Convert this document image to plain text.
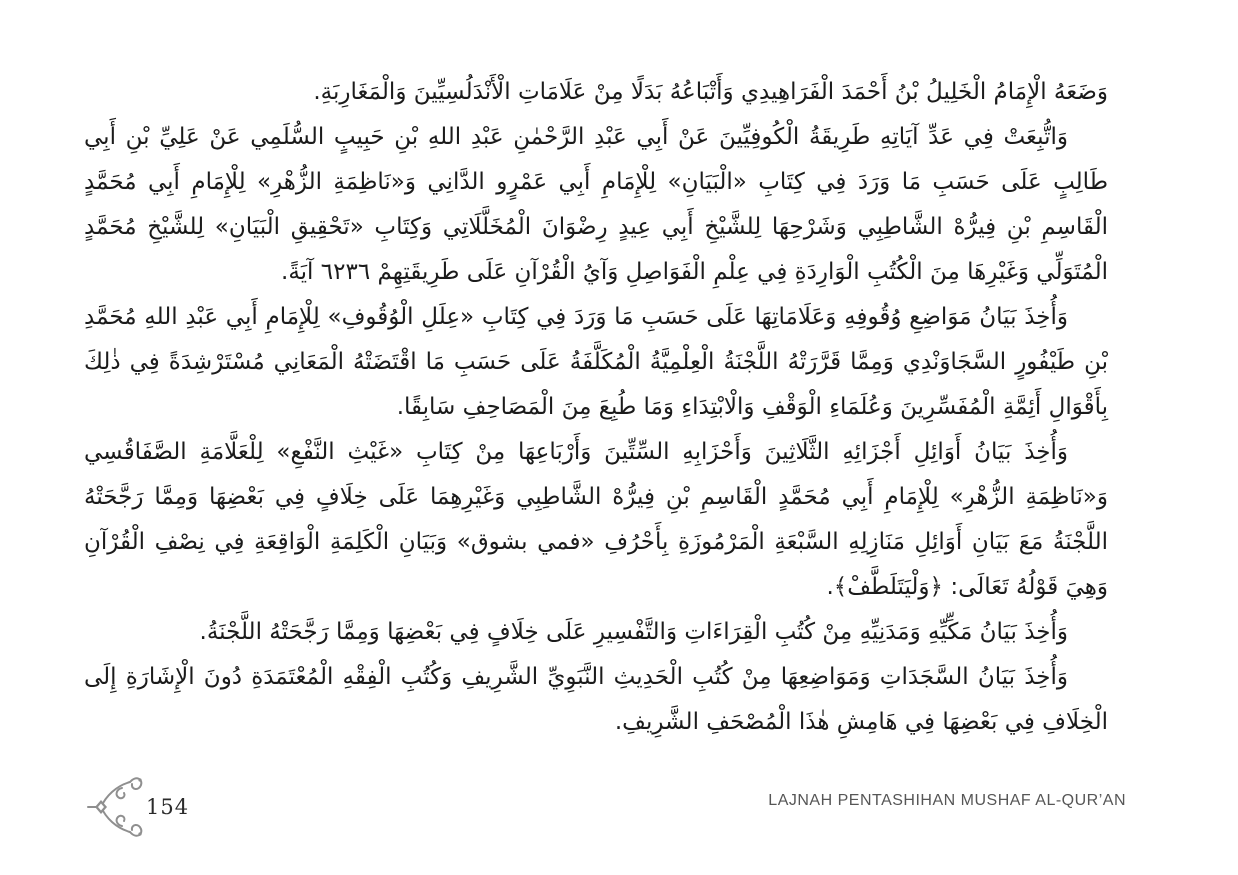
وَضَعَهُ الْإِمَامُ الْخَلِيلُ بْنُ أَحْمَدَ الْفَرَاهِيدِي وَأَتْبَاعُهُ بَدَلًا مِنْ عَلَامَاتِ الْأَنْدَلُسِيِّينَ وَالْمَغَارِبَةِ.

وَاتُّبِعَتْ فِي عَدِّ آيَاتِهِ طَرِيقَةُ الْكُوفِيِّينَ عَنْ أَبِي عَبْدِ الرَّحْمٰنِ عَبْدِ اللهِ بْنِ حَبِيبٍ السُّلَمِي عَنْ عَلِيِّ بْنِ أَبِي طَالِبٍ عَلَى حَسَبِ مَا وَرَدَ فِي كِتَابِ «الْبَيَانِ» لِلْإِمَامِ أَبِي عَمْرٍو الدَّانِي وَ«نَاظِمَةِ الزُّهْرِ» لِلْإِمَامِ أَبِي مُحَمَّدٍ الْقَاسِمِ بْنِ فِيرُّهْ الشَّاطِبِي وَشَرْحِهَا لِلشَّيْخِ أَبِي عِيدٍ رِضْوَانَ الْمُخَلَّلَاتِي وَكِتَابِ «تَحْقِيقِ الْبَيَانِ» لِلشَّيْخِ مُحَمَّدٍ الْمُتَوَلِّي وَغَيْرِهَا مِنَ الْكُتُبِ الْوَارِدَةِ فِي عِلْمِ الْفَوَاصِلِ وَآيُ الْقُرْآنِ عَلَى طَرِيقَتِهِمْ ٦٢٣٦ آيَةً.

وَأُخِذَ بَيَانُ مَوَاضِعِ وُقُوفِهِ وَعَلَامَاتِهَا عَلَى حَسَبِ مَا وَرَدَ فِي كِتَابِ «عِلَلِ الْوُقُوفِ» لِلْإِمَامِ أَبِي عَبْدِ اللهِ مُحَمَّدِ بْنِ طَيْفُورٍ السَّجَاوَنْدِي وَمِمَّا قَرَّرَتْهُ اللَّجْنَةُ الْعِلْمِيَّةُ الْمُكَلَّفَةُ عَلَى حَسَبِ مَا اقْتَضَتْهُ الْمَعَانِي مُسْتَرْشِدَةً فِي ذٰلِكَ بِأَقْوَالِ أَئِمَّةِ الْمُفَسِّرِينَ وَعُلَمَاءِ الْوَقْفِ وَالْابْتِدَاءِ وَمَا طُبِعَ مِنَ الْمَصَاحِفِ سَابِقًا.

وَأُخِذَ بَيَانُ أَوَائِلِ أَجْزَائِهِ الثَّلَاثِينَ وَأَحْزَابِهِ السِّتِّينَ وَأَرْبَاعِهَا مِنْ كِتَابِ «غَيْثِ النَّفْعِ» لِلْعَلَّامَةِ الصَّفَاقُسِي وَ«نَاظِمَةِ الزُّهْرِ» لِلْإِمَامِ أَبِي مُحَمَّدٍ الْقَاسِمِ بْنِ فِيرُّهْ الشَّاطِبِي وَغَيْرِهِمَا عَلَى خِلَافٍ فِي بَعْضِهَا وَمِمَّا رَجَّحَتْهُ اللَّجْنَةُ مَعَ بَيَانِ أَوَائِلِ مَنَازِلِهِ السَّبْعَةِ الْمَرْمُوزَةِ بِأَحْرُفِ «فمي بشوق» وَبَيَانِ الْكَلِمَةِ الْوَاقِعَةِ فِي نِصْفِ الْقُرْآنِ وَهِيَ قَوْلُهُ تَعَالَى: ﴿وَلْيَتَلَطَّفْ﴾.

وَأُخِذَ بَيَانُ مَكِّيِّهِ وَمَدَنِيِّهِ مِنْ كُتُبِ الْقِرَاءَاتِ وَالتَّفْسِيرِ عَلَى خِلَافٍ فِي بَعْضِهَا وَمِمَّا رَجَّحَتْهُ اللَّجْنَةُ.

وَأُخِذَ بَيَانُ السَّجَدَاتِ وَمَوَاضِعِهَا مِنْ كُتُبِ الْحَدِيثِ النَّبَوِيِّ الشَّرِيفِ وَكُتُبِ الْفِقْهِ الْمُعْتَمَدَةِ دُونَ الْإِشَارَةِ إِلَى الْخِلَافِ فِي بَعْضِهَا فِي هَامِشِ هٰذَا الْمُصْحَفِ الشَّرِيفِ.

154	LAJNAH PENTASHIHAN MUSHAF AL-QUR’AN
